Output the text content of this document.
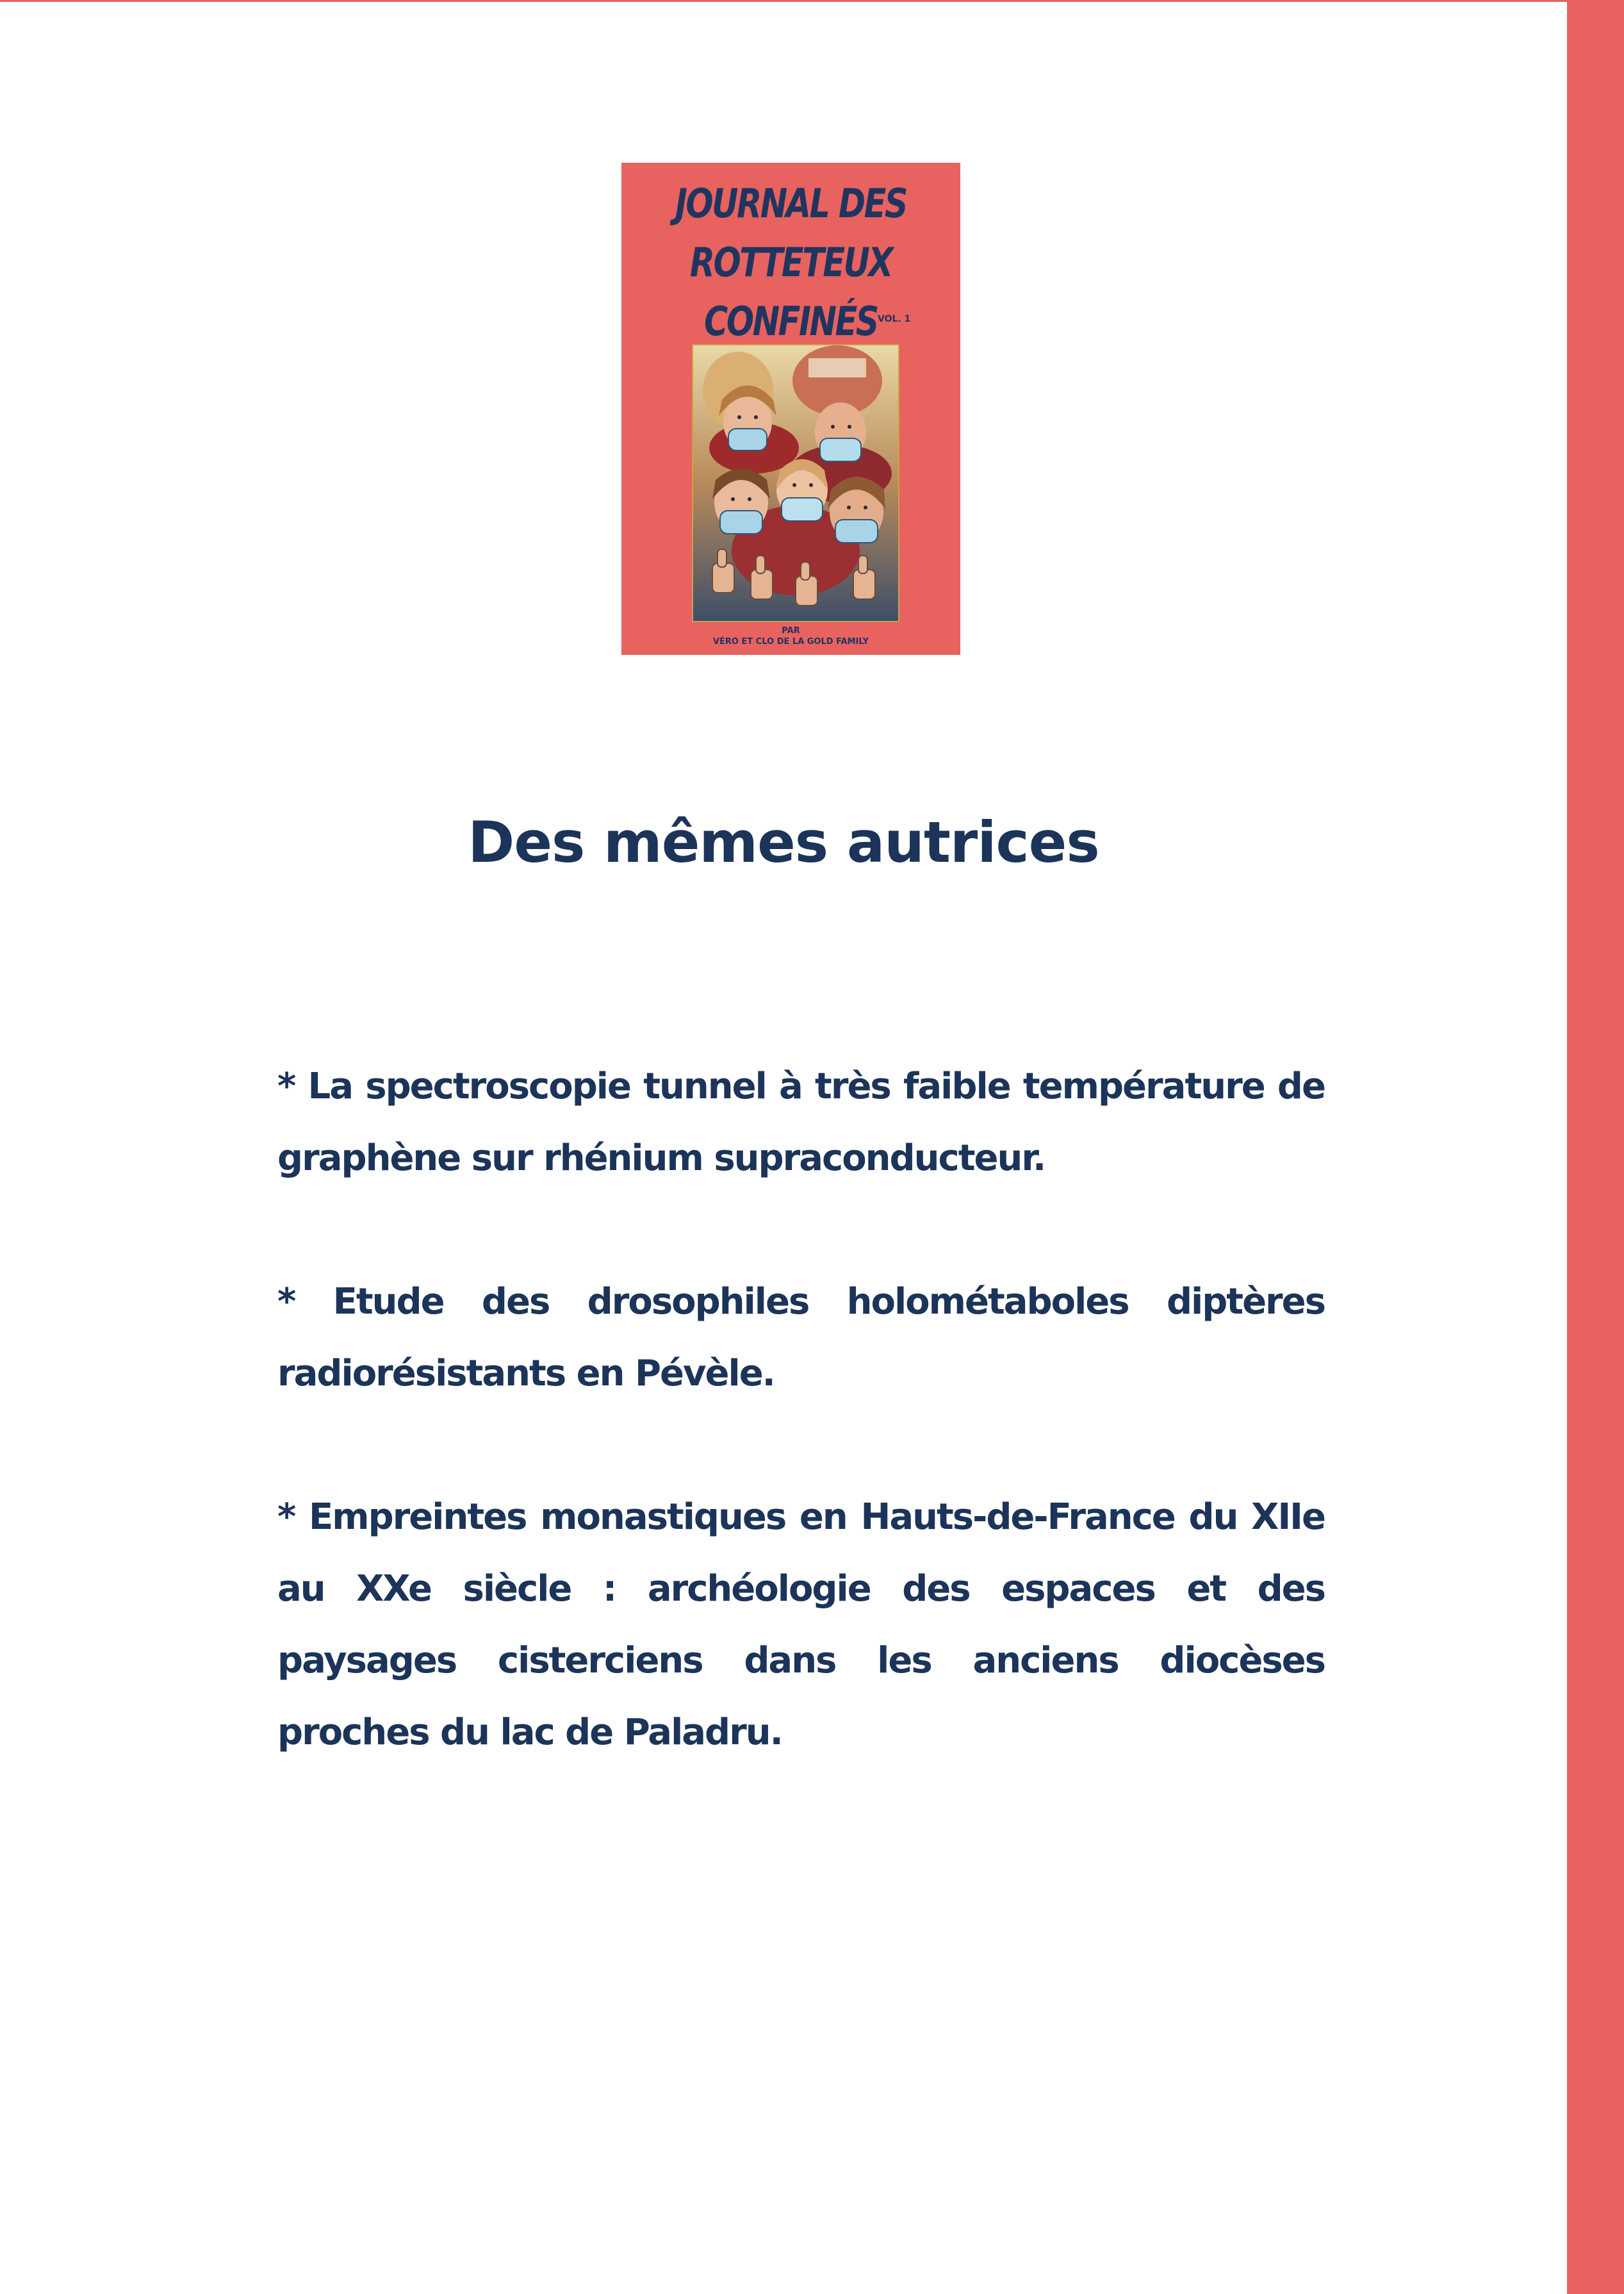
JOURNAL DES
ROTTETEUX
CONFINÉS VOL. 1
PAR
VÉRO ET CLO DE LA GOLD FAMILY
Des mêmes autrices

* La spectroscopie tunnel à très faible température de graphène sur rhénium supraconducteur.

* Etude des drosophiles holométaboles diptères radiorésistants en Pévèle.

* Empreintes monastiques en Hauts-de-France du XIIe au XXe siècle : archéologie des espaces et des paysages cisterciens dans les anciens diocèses proches du lac de Paladru.
